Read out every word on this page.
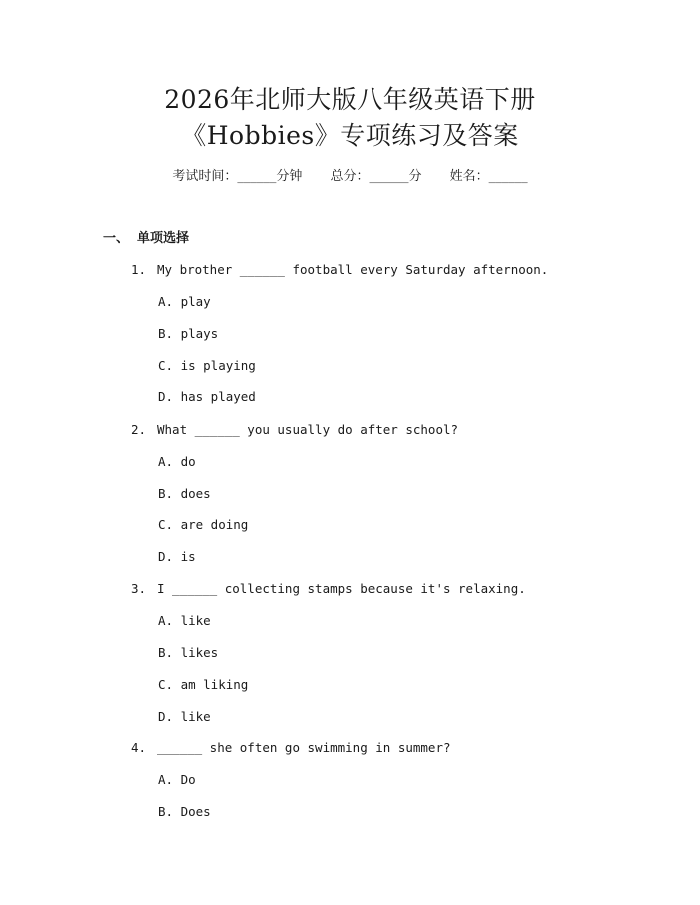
2026年北师大版八年级英语下册
《Hobbies》专项练习及答案
考试时间：______分钟 总分：______分 姓名：______
一、 单项选择
1. My brother ______ football every Saturday afternoon.
A. play
B. plays
C. is playing
D. has played
2. What ______ you usually do after school?
A. do
B. does
C. are doing
D. is
3. I ______ collecting stamps because it's relaxing.
A. like
B. likes
C. am liking
D. like
4. ______ she often go swimming in summer?
A. Do
B. Does
